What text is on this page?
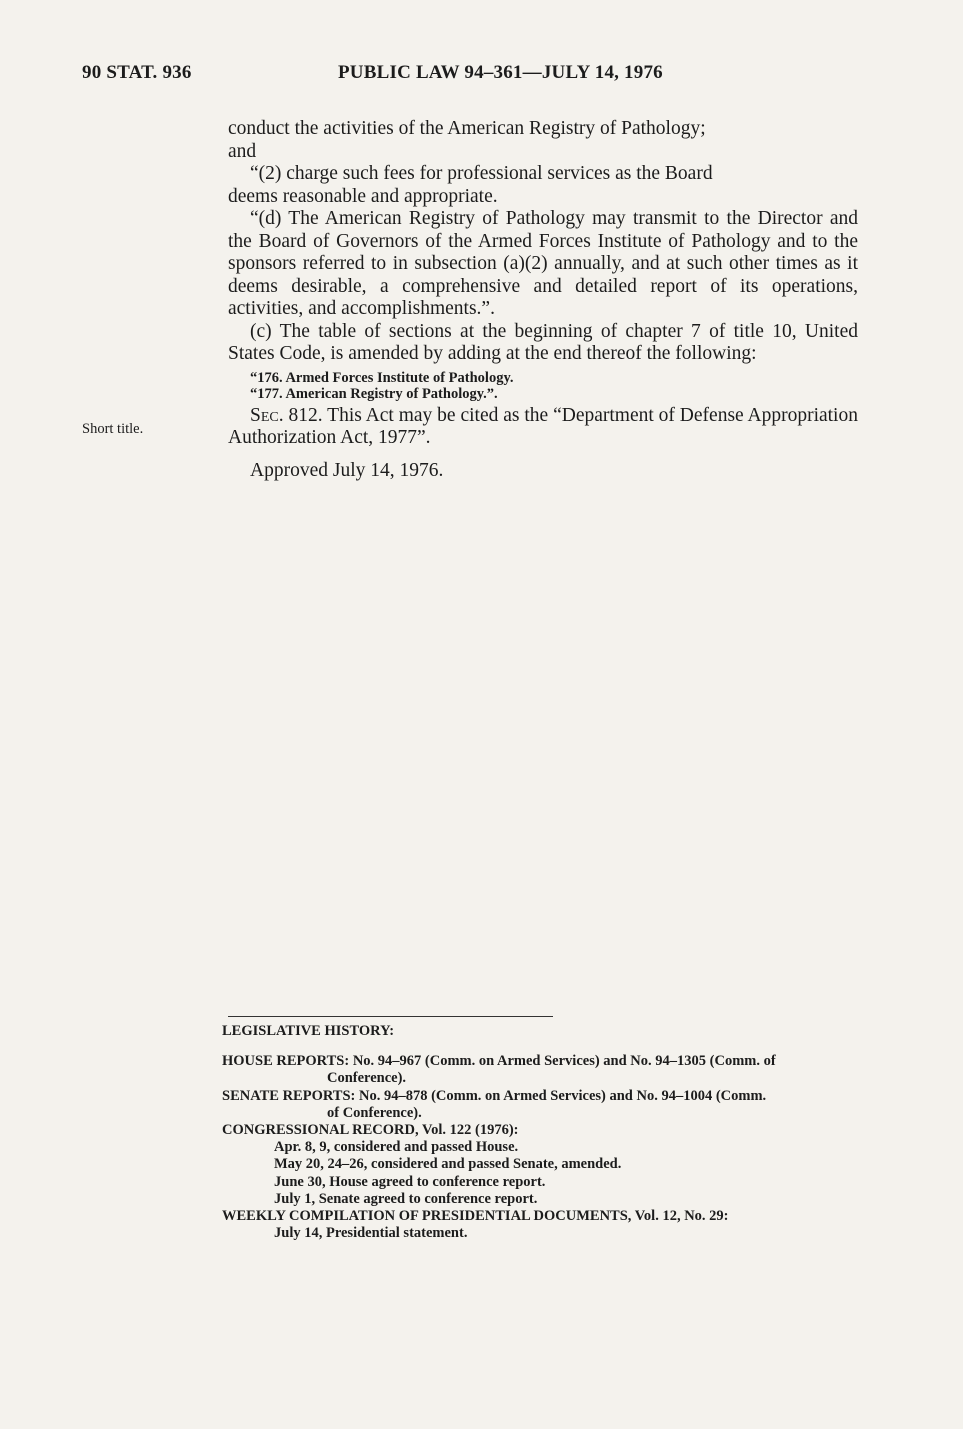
90 STAT. 936	PUBLIC LAW 94–361—JULY 14, 1976

conduct the activities of the American Registry of Pathology;

and

“(2) charge such fees for professional services as the Board

deems reasonable and appropriate.

“(d) The American Registry of Pathology may transmit to the Director and the Board of Governors of the Armed Forces Institute of Pathology and to the sponsors referred to in subsection (a)(2) annually, and at such other times as it deems desirable, a comprehensive and detailed report of its operations, activities, and accomplishments.”.

(c) The table of sections at the beginning of chapter 7 of title 10, United States Code, is amended by adding at the end thereof the following:

“176. Armed Forces Institute of Pathology.

“177. American Registry of Pathology.”.

Sec. 812. This Act may be cited as the “Department of Defense Appropriation Authorization Act, 1977”.

Approved July 14, 1976.

Short title.

LEGISLATIVE HISTORY:

HOUSE REPORTS: No. 94–967 (Comm. on Armed Services) and No. 94–1305 (Comm. of

Conference).

SENATE REPORTS: No. 94–878 (Comm. on Armed Services) and No. 94–1004 (Comm.

of Conference).

CONGRESSIONAL RECORD, Vol. 122 (1976):

Apr. 8, 9, considered and passed House.

May 20, 24–26, considered and passed Senate, amended.

June 30, House agreed to conference report.

July 1, Senate agreed to conference report.

WEEKLY COMPILATION OF PRESIDENTIAL DOCUMENTS, Vol. 12, No. 29:

July 14, Presidential statement.
